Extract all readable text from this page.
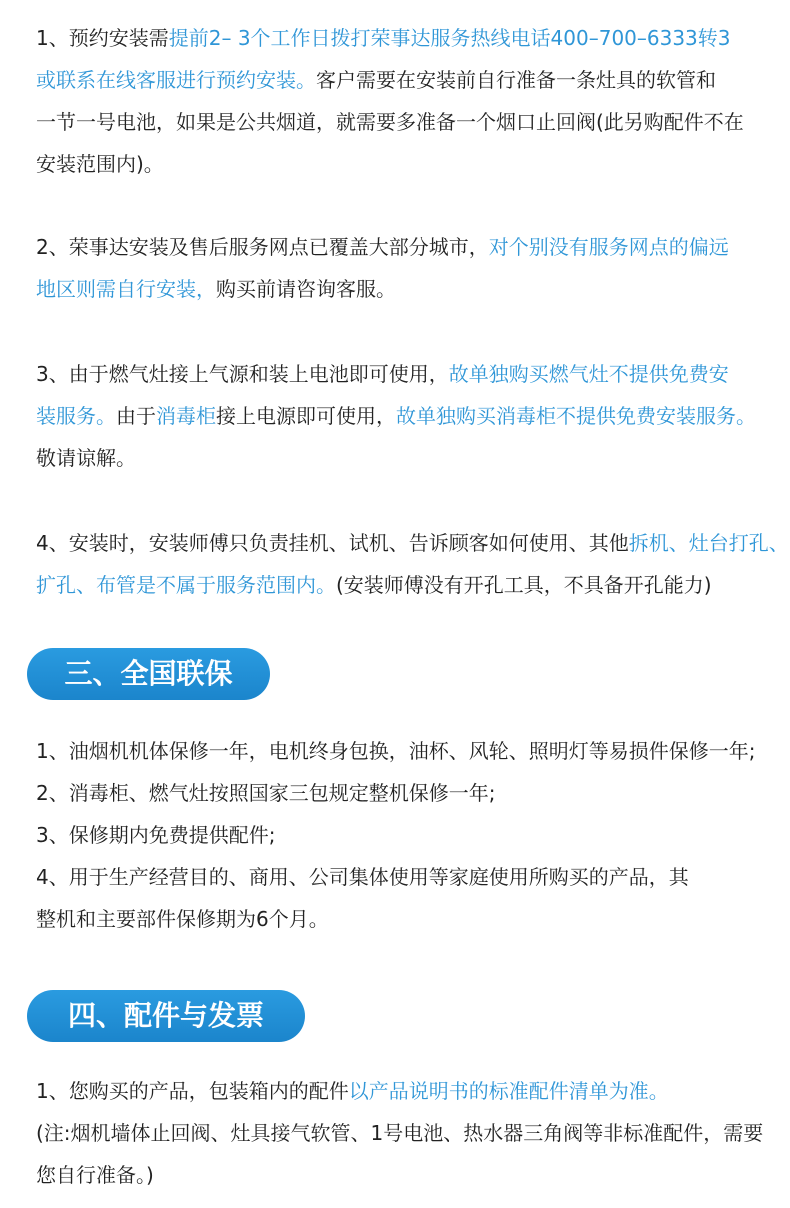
1、预约安装需提前2– 3个工作日拨打荣事达服务热线电话400–700–6333转3
或联系在线客服进行预约安装。客户需要在安装前自行准备一条灶具的软管和
一节一号电池，如果是公共烟道，就需要多准备一个烟口止回阀(此另购配件不在
安装范围内)。
2、荣事达安装及售后服务网点已覆盖大部分城市，对个别没有服务网点的偏远
地区则需自行安装，购买前请咨询客服。
3、由于燃气灶接上气源和装上电池即可使用，故单独购买燃气灶不提供免费安
装服务。由于消毒柜接上电源即可使用，故单独购买消毒柜不提供免费安装服务。
敬请谅解。
4、安装时，安装师傅只负责挂机、试机、告诉顾客如何使用、其他拆机、灶台打孔、
扩孔、布管是不属于服务范围内。(安装师傅没有开孔工具，不具备开孔能力)
三、全国联保
1、油烟机机体保修一年，电机终身包换，油杯、风轮、照明灯等易损件保修一年;
2、消毒柜、燃气灶按照国家三包规定整机保修一年;
3、保修期内免费提供配件;
4、用于生产经营目的、商用、公司集体使用等家庭使用所购买的产品，其
整机和主要部件保修期为6个月。
四、配件与发票
1、您购买的产品，包装箱内的配件以产品说明书的标准配件清单为准。
(注:烟机墙体止回阀、灶具接气软管、1号电池、热水器三角阀等非标准配件，需要
您自行准备。)
